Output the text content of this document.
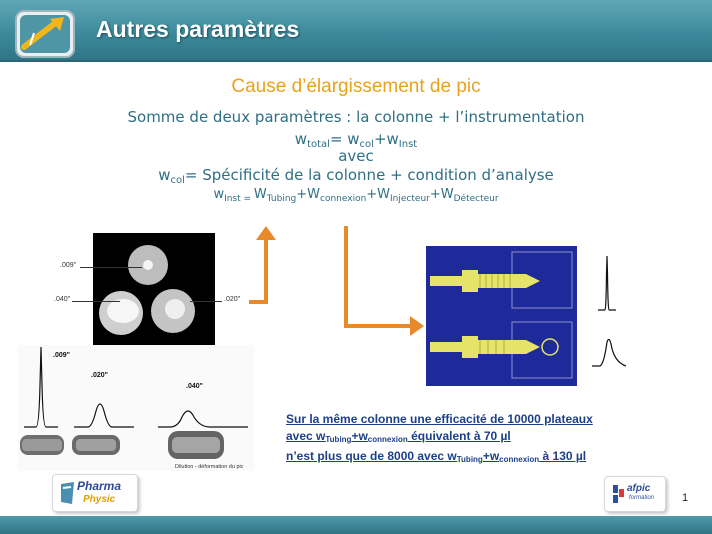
Autres paramètres
Cause d’élargissement de pic
Somme de deux paramètres : la colonne + l’instrumentation
$w_{total}= w_{col}+w_{Inst}$
avec
$w_{col}=$ Spécificité de la colonne + condition d’analyse
$w_{Inst =}$ $W_{Tubing}+W_{connexion}+W_{Injecteur}+W_{Détecteur}$
.009"
.040"	.020"
.009"
.020"
.040"
Dilution - déformation du pic
Sur la même colonne une efficacité de 10000 plateaux
avec $w_{Tubing}+w_{connexion}$ équivalent à 70 µl
n’est plus que de 8000 avec $w_{Tubing}+w_{connexion}$ à 130 µl
Pharma
Physic
afpic
formation	1
